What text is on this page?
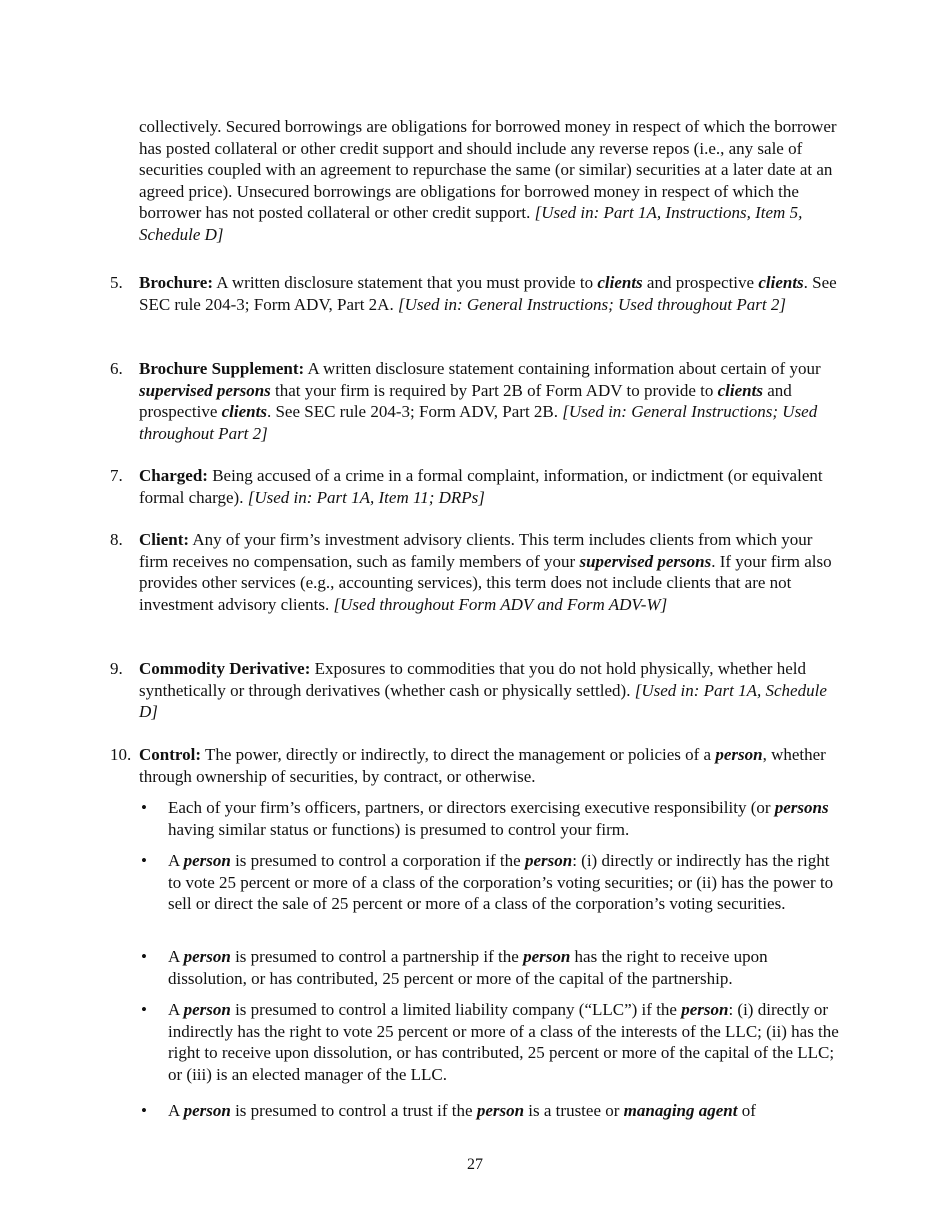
collectively. Secured borrowings are obligations for borrowed money in respect of which the borrower has posted collateral or other credit support and should include any reverse repos (i.e., any sale of securities coupled with an agreement to repurchase the same (or similar) securities at a later date at an agreed price). Unsecured borrowings are obligations for borrowed money in respect of which the borrower has not posted collateral or other credit support. [Used in: Part 1A, Instructions, Item 5, Schedule D]

5. Brochure: A written disclosure statement that you must provide to clients and prospective clients. See SEC rule 204-3; Form ADV, Part 2A. [Used in: General Instructions; Used throughout Part 2]

6. Brochure Supplement: A written disclosure statement containing information about certain of your supervised persons that your firm is required by Part 2B of Form ADV to provide to clients and prospective clients. See SEC rule 204-3; Form ADV, Part 2B. [Used in: General Instructions; Used throughout Part 2]

7. Charged: Being accused of a crime in a formal complaint, information, or indictment (or equivalent formal charge). [Used in: Part 1A, Item 11; DRPs]

8. Client: Any of your firm’s investment advisory clients. This term includes clients from which your firm receives no compensation, such as family members of your supervised persons. If your firm also provides other services (e.g., accounting services), this term does not include clients that are not investment advisory clients. [Used throughout Form ADV and Form ADV-W]

9. Commodity Derivative: Exposures to commodities that you do not hold physically, whether held synthetically or through derivatives (whether cash or physically settled). [Used in: Part 1A, Schedule D]

10. Control: The power, directly or indirectly, to direct the management or policies of a person, whether through ownership of securities, by contract, or otherwise.

• Each of your firm’s officers, partners, or directors exercising executive responsibility (or persons having similar status or functions) is presumed to control your firm.

• A person is presumed to control a corporation if the person: (i) directly or indirectly has the right to vote 25 percent or more of a class of the corporation’s voting securities; or (ii) has the power to sell or direct the sale of 25 percent or more of a class of the corporation’s voting securities.

• A person is presumed to control a partnership if the person has the right to receive upon dissolution, or has contributed, 25 percent or more of the capital of the partnership.

• A person is presumed to control a limited liability company (“LLC”) if the person: (i) directly or indirectly has the right to vote 25 percent or more of a class of the interests of the LLC; (ii) has the right to receive upon dissolution, or has contributed, 25 percent or more of the capital of the LLC; or (iii) is an elected manager of the LLC.

• A person is presumed to control a trust if the person is a trustee or managing agent of

27
